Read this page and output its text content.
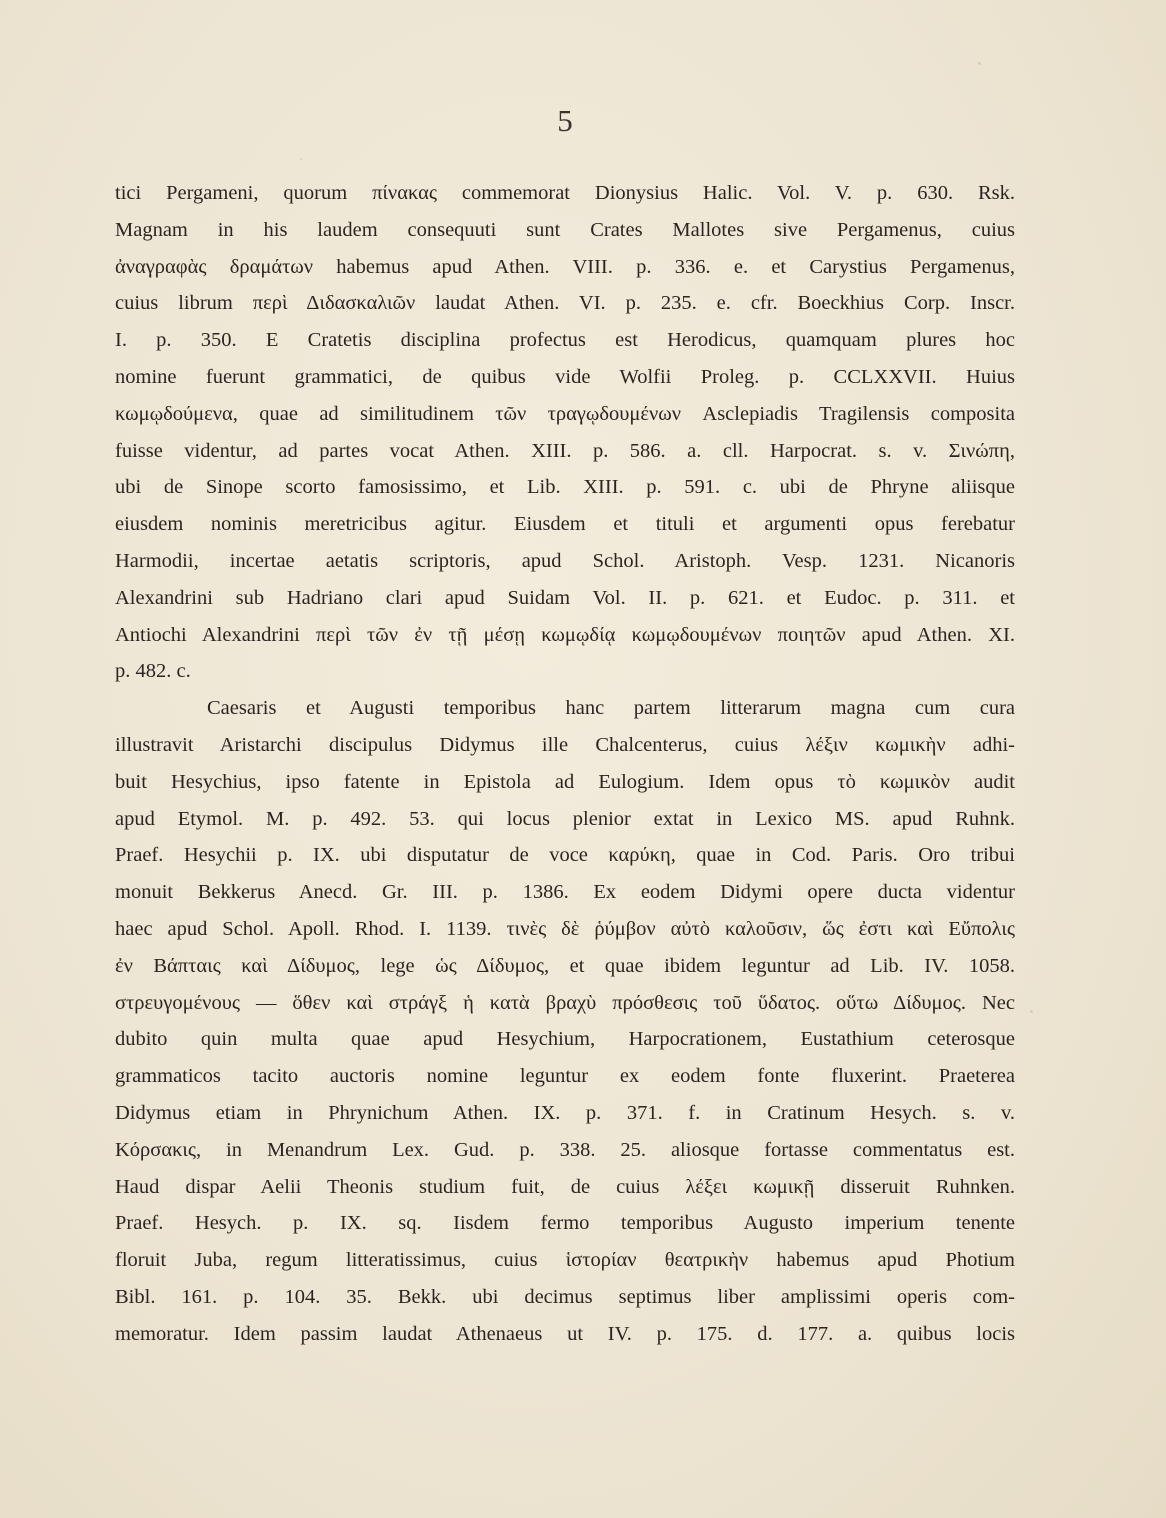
5

tici Pergameni, quorum πίνακας commemorat Dionysius Halic. Vol. V. p. 630. Rsk.
Magnam in his laudem consequuti sunt Crates Mallotes sive Pergamenus, cuius
ἀναγραφὰς δραμάτων habemus apud Athen. VIII. p. 336. e. et Carystius Pergamenus,
cuius librum περὶ Διδασκαλιῶν laudat Athen. VI. p. 235. e. cfr. Boeckhius Corp. Inscr.
I. p. 350. E Cratetis disciplina profectus est Herodicus, quamquam plures hoc
nomine fuerunt grammatici, de quibus vide Wolfii Proleg. p. CCLXXVII. Huius
κωμῳδούμενα, quae ad similitudinem τῶν τραγῳδουμένων Asclepiadis Tragilensis composita
fuisse videntur, ad partes vocat Athen. XIII. p. 586. a. cll. Harpocrat. s. v. Σινώπη,
ubi de Sinope scorto famosissimo, et Lib. XIII. p. 591. c. ubi de Phryne aliisque
eiusdem nominis meretricibus agitur. Eiusdem et tituli et argumenti opus ferebatur
Harmodii, incertae aetatis scriptoris, apud Schol. Aristoph. Vesp. 1231. Nicanoris
Alexandrini sub Hadriano clari apud Suidam Vol. II. p. 621. et Eudoc. p. 311. et
Antiochi Alexandrini περὶ τῶν ἐν τῇ μέσῃ κωμῳδίᾳ κωμῳδουμένων ποιητῶν apud Athen. XI.
p. 482. c.

Caesaris et Augusti temporibus hanc partem litterarum magna cum cura
illustravit Aristarchi discipulus Didymus ille Chalcenterus, cuius λέξιν κωμικὴν adhi-
buit Hesychius, ipso fatente in Epistola ad Eulogium. Idem opus τὸ κωμικὸν audit
apud Etymol. M. p. 492. 53. qui locus plenior extat in Lexico MS. apud Ruhnk.
Praef. Hesychii p. IX. ubi disputatur de voce καρύκη, quae in Cod. Paris. Oro tribui
monuit Bekkerus Anecd. Gr. III. p. 1386. Ex eodem Didymi opere ducta videntur
haec apud Schol. Apoll. Rhod. I. 1139. τινὲς δὲ ῥύμβον αὐτὸ καλοῦσιν, ὥς ἐστι καὶ Εὔπολις
ἐν Βάπταις καὶ Δίδυμος, lege ὡς Δίδυμος, et quae ibidem leguntur ad Lib. IV. 1058.
στρευγομένους — ὅθεν καὶ στράγξ ἡ κατὰ βραχὺ πρόσθεσις τοῦ ὕδατος. οὕτω Δίδυμος. Nec
dubito quin multa quae apud Hesychium, Harpocrationem, Eustathium ceterosque
grammaticos tacito auctoris nomine leguntur ex eodem fonte fluxerint. Praeterea
Didymus etiam in Phrynichum Athen. IX. p. 371. f. in Cratinum Hesych. s. v.
Κόρσακις, in Menandrum Lex. Gud. p. 338. 25. aliosque fortasse commentatus est.
Haud dispar Aelii Theonis studium fuit, de cuius λέξει κωμικῇ disseruit Ruhnken.
Praef. Hesych. p. IX. sq. Iisdem fermo temporibus Augusto imperium tenente
floruit Juba, regum litteratissimus, cuius ἱστορίαν θεατρικὴν habemus apud Photium
Bibl. 161. p. 104. 35. Bekk. ubi decimus septimus liber amplissimi operis com-
memoratur. Idem passim laudat Athenaeus ut IV. p. 175. d. 177. a. quibus locis
